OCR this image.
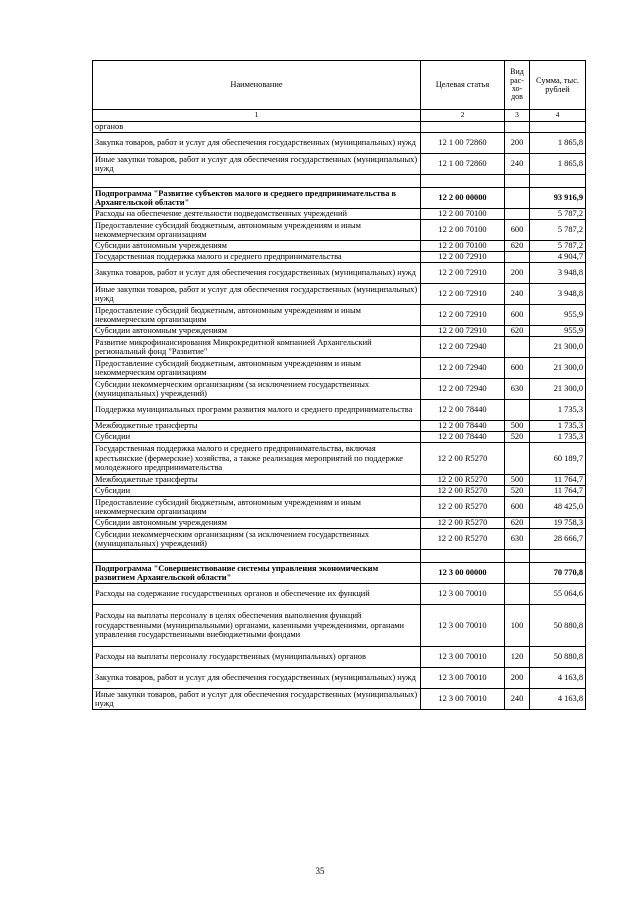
Наименование	Целевая статья	Вид рас-хо-дов	Сумма, тыс. рублей
1	2	3	4
органов			
Закупка товаров, работ и услуг для обеспечения государственных (муниципальных) нужд	12 1 00 72860	200	1 865,8
Иные закупки товаров, работ и услуг для обеспечения государственных (муниципальных) нужд	12 1 00 72860	240	1 865,8

Подпрограмма "Развитие субъектов малого и среднего предпринимательства в Архангельской области"	12 2 00 00000		93 916,9
Расходы на обеспечение деятельности подведомственных учреждений	12 2 00 70100		5 787,2
Предоставление субсидий бюджетным, автономным учреждениям и иным некоммерческим организациям	12 2 00 70100	600	5 787,2
Субсидии автономным учреждениям	12 2 00 70100	620	5 787,2
Государственная поддержка малого и среднего предпринимательства	12 2 00 72910		4 904,7
Закупка товаров, работ и услуг для обеспечения государственных (муниципальных) нужд	12 2 00 72910	200	3 948,8
Иные закупки товаров, работ и услуг для обеспечения государственных (муниципальных) нужд	12 2 00 72910	240	3 948,8
Предоставление субсидий бюджетным, автономным учреждениям и иным некоммерческим организациям	12 2 00 72910	600	955,9
Субсидии автономным учреждениям	12 2 00 72910	620	955,9
Развитие микрофинансирования Микрокредитной компанией Архангельский региональный фонд "Развитие"	12 2 00 72940		21 300,0
Предоставление субсидий бюджетным, автономным учреждениям и иным некоммерческим организациям	12 2 00 72940	600	21 300,0
Субсидии некоммерческим организациям (за исключением государственных (муниципальных) учреждений)	12 2 00 72940	630	21 300,0
Поддержка муниципальных программ развития малого и среднего предпринимательства	12 2 00 78440		1 735,3
Межбюджетные трансферты	12 2 00 78440	500	1 735,3
Субсидии	12 2 00 78440	520	1 735,3
Государственная поддержка малого и среднего предпринимательства, включая крестьянские (фермерские) хозяйства, а также реализация мероприятий по поддержке молодежного предпринимательства	12 2 00 R5270		60 189,7
Межбюджетные трансферты	12 2 00 R5270	500	11 764,7
Субсидии	12 2 00 R5270	520	11 764,7
Предоставление субсидий бюджетным, автономным учреждениям и иным некоммерческим организациям	12 2 00 R5270	600	48 425,0
Субсидии автономным учреждениям	12 2 00 R5270	620	19 758,3
Субсидии некоммерческим организациям (за исключением государственных (муниципальных) учреждений)	12 2 00 R5270	630	28 666,7

Подпрограмма "Совершенствование системы управления экономическим развитием Архангельской области"	12 3 00 00000		70 770,8
Расходы на содержание государственных органов и обеспечение их функций	12 3 00 70010		55 064,6
Расходы на выплаты персоналу в целях обеспечения выполнения функций государственными (муниципальными) органами, казенными учреждениями, органами управления государственными внебюджетными фондами	12 3 00 70010	100	50 880,8
Расходы на выплаты персоналу государственных (муниципальных) органов	12 3 00 70010	120	50 880,8
Закупка товаров, работ и услуг для обеспечения государственных (муниципальных) нужд	12 3 00 70010	200	4 163,8
Иные закупки товаров, работ и услуг для обеспечения государственных (муниципальных) нужд	12 3 00 70010	240	4 163,8
35
